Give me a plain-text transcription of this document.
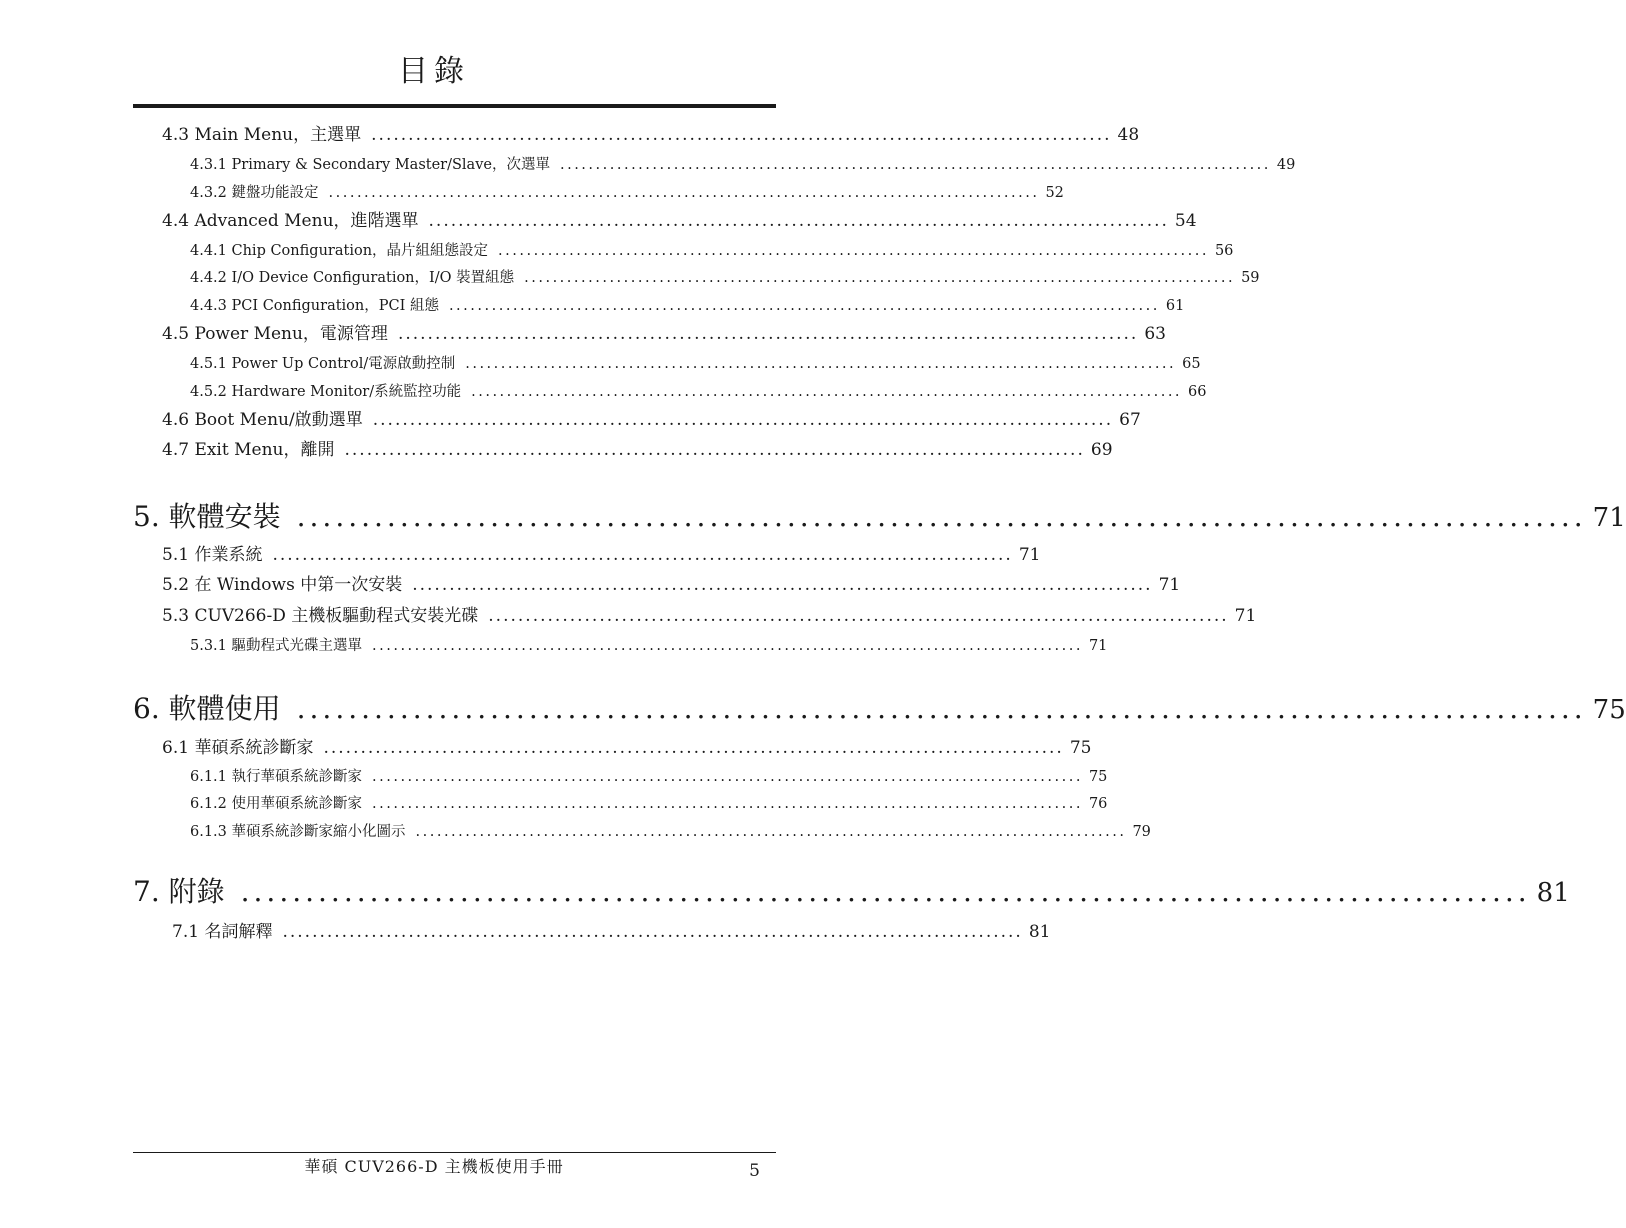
目錄
4.3 Main Menu，主選單 .................................................................................................... 48
4.3.1 Primary & Secondary Master/Slave，次選單 .................................................................................................... 49
4.3.2 鍵盤功能設定 .................................................................................................... 52
4.4 Advanced Menu，進階選單 .................................................................................................... 54
4.4.1 Chip Configuration，晶片組組態設定 .................................................................................................... 56
4.4.2 I/O Device Configuration，I/O 裝置組態 .................................................................................................... 59
4.4.3 PCI Configuration，PCI 組態 .................................................................................................... 61
4.5 Power Menu，電源管理 .................................................................................................... 63
4.5.1 Power Up Control/電源啟動控制 .................................................................................................... 65
4.5.2 Hardware Monitor/系統監控功能 .................................................................................................... 66
4.6 Boot Menu/啟動選單 .................................................................................................... 67
4.7 Exit Menu，離開 .................................................................................................... 69
5. 軟體安裝 .................................................................................................... 71
5.1 作業系統 .................................................................................................... 71
5.2 在 Windows 中第一次安裝 .................................................................................................... 71
5.3 CUV266-D 主機板驅動程式安裝光碟 .................................................................................................... 71
5.3.1 驅動程式光碟主選單 .................................................................................................... 71
6. 軟體使用 .................................................................................................... 75
6.1 華碩系統診斷家 .................................................................................................... 75
6.1.1 執行華碩系統診斷家 .................................................................................................... 75
6.1.2 使用華碩系統診斷家 .................................................................................................... 76
6.1.3 華碩系統診斷家縮小化圖示 .................................................................................................... 79
7. 附錄 .................................................................................................... 81
7.1 名詞解釋 .................................................................................................... 81
華碩 CUV266-D 主機板使用手冊	5
